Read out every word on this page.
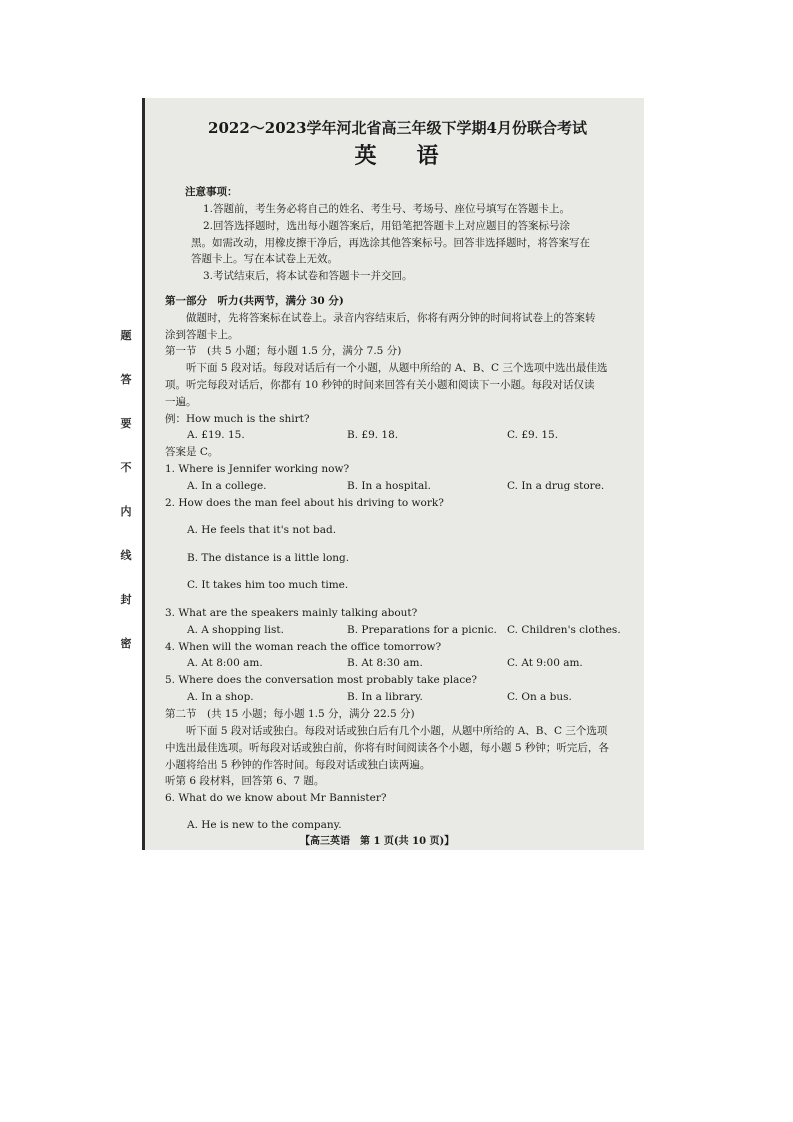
题
答
要
不
内
线
封
密

2022～2023学年河北省高三年级下学期4月份联合考试

英语

注意事项：

1.答题前，考生务必将自己的姓名、考生号、考场号、座位号填写在答题卡上。

2.回答选择题时，选出每小题答案后，用铅笔把答题卡上对应题目的答案标号涂

黑。如需改动，用橡皮擦干净后，再选涂其他答案标号。回答非选择题时，将答案写在

答题卡上。写在本试卷上无效。

3.考试结束后，将本试卷和答题卡一并交回。

第一部分　听力(共两节，满分 30 分)

做题时，先将答案标在试卷上。录音内容结束后，你将有两分钟的时间将试卷上的答案转

涂到答题卡上。

第一节　(共 5 小题；每小题 1.5 分，满分 7.5 分)

听下面 5 段对话。每段对话后有一个小题，从题中所给的 A、B、C 三个选项中选出最佳选

项。听完每段对话后，你都有 10 秒钟的时间来回答有关小题和阅读下一小题。每段对话仅读

一遍。

例：How much is the shirt?

A. £19. 15.	B. £9. 18.	C. £9. 15.

答案是 C。

1. Where is Jennifer working now?

A. In a college.	B. In a hospital.	C. In a drug store.

2. How does the man feel about his driving to work?

A. He feels that it's not bad.

B. The distance is a little long.

C. It takes him too much time.

3. What are the speakers mainly talking about?

A. A shopping list.	B. Preparations for a picnic. C. Children's clothes.

4. When will the woman reach the office tomorrow?

A. At 8:00 am.	B. At 8:30 am.	C. At 9:00 am.

5. Where does the conversation most probably take place?

A. In a shop.	B. In a library.	C. On a bus.

第二节　(共 15 小题；每小题 1.5 分，满分 22.5 分)

听下面 5 段对话或独白。每段对话或独白后有几个小题，从题中所给的 A、B、C 三个选项

中选出最佳选项。听每段对话或独白前，你将有时间阅读各个小题，每小题 5 秒钟；听完后，各

小题将给出 5 秒钟的作答时间。每段对话或独白读两遍。

听第 6 段材料，回答第 6、7 题。

6. What do we know about Mr Bannister?

A. He is new to the company.

【高三英语　第 1 页(共 10 页)】
